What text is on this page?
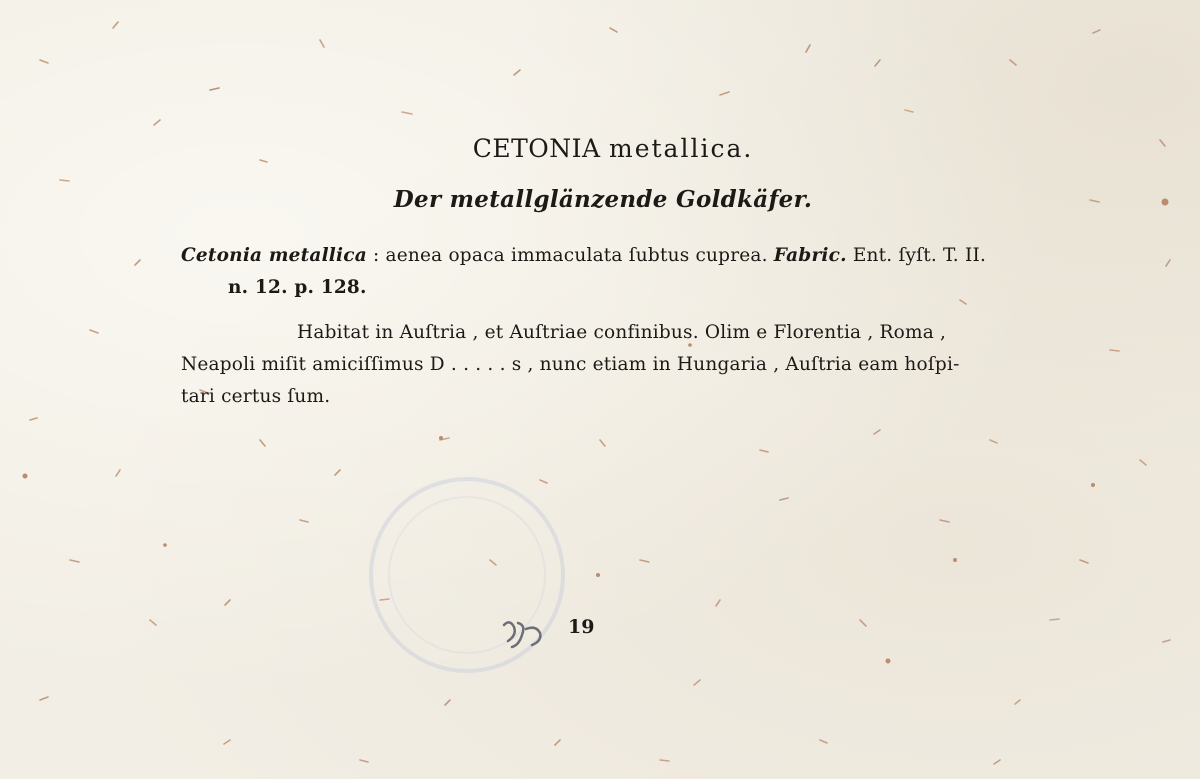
CETONIA metallica.
Der metallglänzende Goldkäfer.
Cetonia metallica : aenea opaca immaculata ſubtus cuprea. Fabric. Ent. ſyſt. T. II.
n. 12. p. 128.
Habitat in Auſtria , et Auſtriae confinibus. Olim e Florentia , Roma ,
Neapoli miſit amiciſſimus D . . . . . s , nunc etiam in Hungaria , Auſtria eam hoſpi-
tari certus ſum.
19
